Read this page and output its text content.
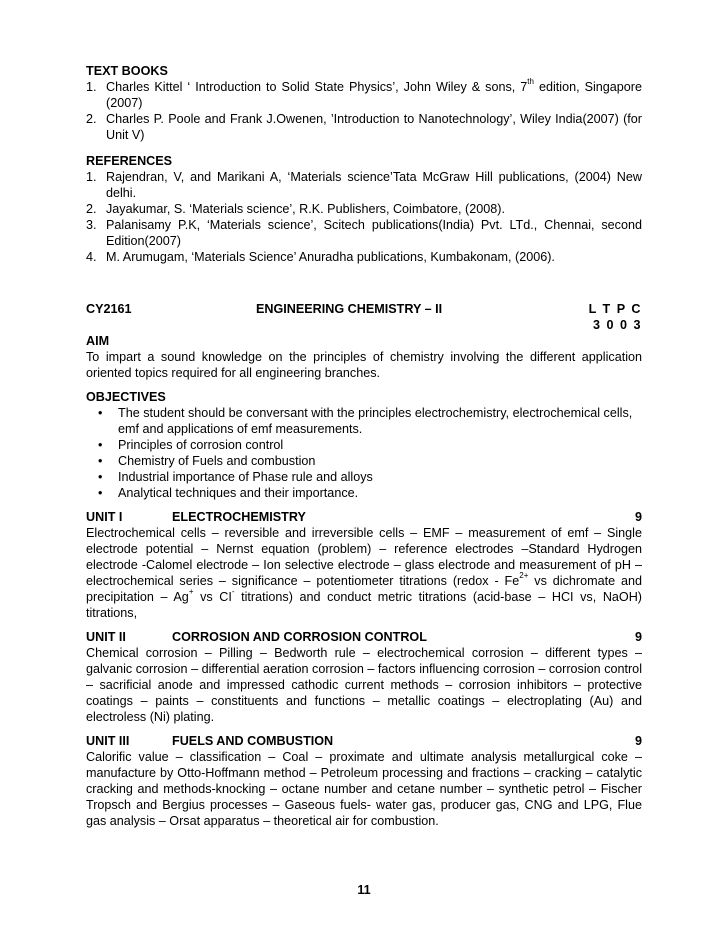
TEXT BOOKS
1. Charles Kittel ‘ Introduction to Solid State Physics’, John Wiley & sons, 7th edition, Singapore (2007)
2. Charles P. Poole and Frank J.Owenen, ’Introduction to Nanotechnology’, Wiley India(2007) (for Unit V)
REFERENCES
1. Rajendran, V, and Marikani A, ‘Materials science’Tata McGraw Hill publications, (2004) New delhi.
2. Jayakumar, S. ‘Materials science’, R.K. Publishers, Coimbatore, (2008).
3. Palanisamy P.K, ‘Materials science’, Scitech publications(India) Pvt. LTd., Chennai, second Edition(2007)
4. M. Arumugam, ‘Materials Science’ Anuradha publications, Kumbakonam, (2006).
CY2161	ENGINEERING CHEMISTRY – II	L T P C
3 0 0 3
AIM
To impart a sound knowledge on the principles of chemistry involving the different application oriented topics required for all engineering branches.
OBJECTIVES
• The student should be conversant with the principles electrochemistry, electrochemical cells, emf and applications of emf measurements.
• Principles of corrosion control
• Chemistry of Fuels and combustion
• Industrial importance of Phase rule and alloys
• Analytical techniques and their importance.
UNIT I	ELECTROCHEMISTRY	9
Electrochemical cells – reversible and irreversible cells – EMF – measurement of emf – Single electrode potential – Nernst equation (problem) – reference electrodes –Standard Hydrogen electrode -Calomel electrode – Ion selective electrode – glass electrode and measurement of pH – electrochemical series – significance – potentiometer titrations (redox - $Fe^{2+}$ vs dichromate and precipitation – Ag+ vs CI- titrations) and conduct metric titrations (acid-base – HCI vs, NaOH) titrations,
UNIT II	CORROSION AND CORROSION CONTROL	9
Chemical corrosion – Pilling – Bedworth rule – electrochemical corrosion – different types – galvanic corrosion – differential aeration corrosion – factors influencing corrosion – corrosion control – sacrificial anode and impressed cathodic current methods – corrosion inhibitors – protective coatings – paints – constituents and functions – metallic coatings – electroplating (Au) and electroless (Ni) plating.
UNIT III	FUELS AND COMBUSTION	9
Calorific value – classification – Coal – proximate and ultimate analysis metallurgical coke – manufacture by Otto-Hoffmann method – Petroleum processing and fractions – cracking – catalytic cracking and methods-knocking – octane number and cetane number – synthetic petrol – Fischer Tropsch and Bergius processes – Gaseous fuels- water gas, producer gas, CNG and LPG, Flue gas analysis – Orsat apparatus – theoretical air for combustion.
11
